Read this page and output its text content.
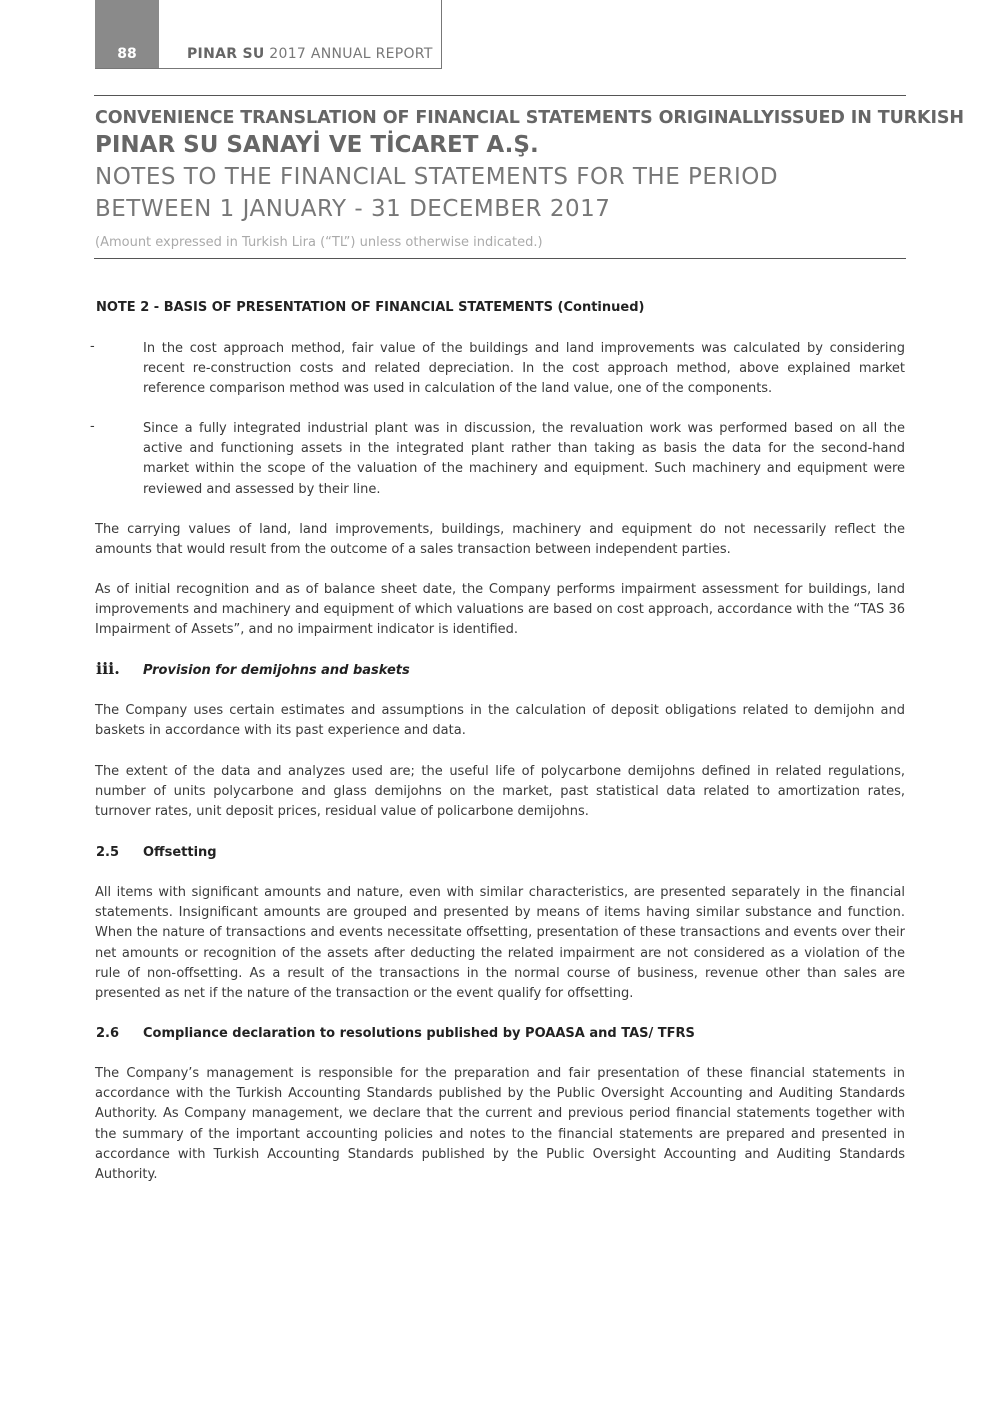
88	PINAR SU 2017 ANNUAL REPORT
CONVENIENCE TRANSLATION OF FINANCIAL STATEMENTS ORIGINALLYISSUED IN TURKISH
PINAR SU SANAYİ VE TİCARET A.Ş.
NOTES TO THE FINANCIAL STATEMENTS FOR THE PERIOD
BETWEEN 1 JANUARY - 31 DECEMBER 2017
(Amount expressed in Turkish Lira (“TL”) unless otherwise indicated.)
NOTE 2 - BASIS OF PRESENTATION OF FINANCIAL STATEMENTS (Continued)
-	In the cost approach method, fair value of the buildings and land improvements was calculated by considering recent re-construction costs and related depreciation. In the cost approach method, above explained market reference comparison method was used in calculation of the land value, one of the components.
-	Since a fully integrated industrial plant was in discussion, the revaluation work was performed based on all the active and functioning assets in the integrated plant rather than taking as basis the data for the second-hand market within the scope of the valuation of the machinery and equipment. Such machinery and equipment were reviewed and assessed by their line.
The carrying values of land, land improvements, buildings, machinery and equipment do not necessarily reflect the amounts that would result from the outcome of a sales transaction between independent parties.
As of initial recognition and as of balance sheet date, the Company performs impairment assessment for buildings, land improvements and machinery and equipment of which valuations are based on cost approach, accordance with the “TAS 36 Impairment of Assets”, and no impairment indicator is identified.
iii. Provision for demijohns and baskets
The Company uses certain estimates and assumptions in the calculation of deposit obligations related to demijohn and baskets in accordance with its past experience and data.
The extent of the data and analyzes used are; the useful life of polycarbone demijohns defined in related regulations, number of units polycarbone and glass demijohns on the market, past statistical data related to amortization rates, turnover rates, unit deposit prices, residual value of policarbone demijohns.
2.5 Offsetting
All items with significant amounts and nature, even with similar characteristics, are presented separately in the financial statements. Insignificant amounts are grouped and presented by means of items having similar substance and function. When the nature of transactions and events necessitate offsetting, presentation of these transactions and events over their net amounts or recognition of the assets after deducting the related impairment are not considered as a violation of the rule of non-offsetting. As a result of the transactions in the normal course of business, revenue other than sales are presented as net if the nature of the transaction or the event qualify for offsetting.
2.6 Compliance declaration to resolutions published by POAASA and TAS/ TFRS
The Company’s management is responsible for the preparation and fair presentation of these financial statements in accordance with the Turkish Accounting Standards published by the Public Oversight Accounting and Auditing Standards Authority. As Company management, we declare that the current and previous period financial statements together with the summary of the important accounting policies and notes to the financial statements are prepared and presented in accordance with Turkish Accounting Standards published by the Public Oversight Accounting and Auditing Standards Authority.
